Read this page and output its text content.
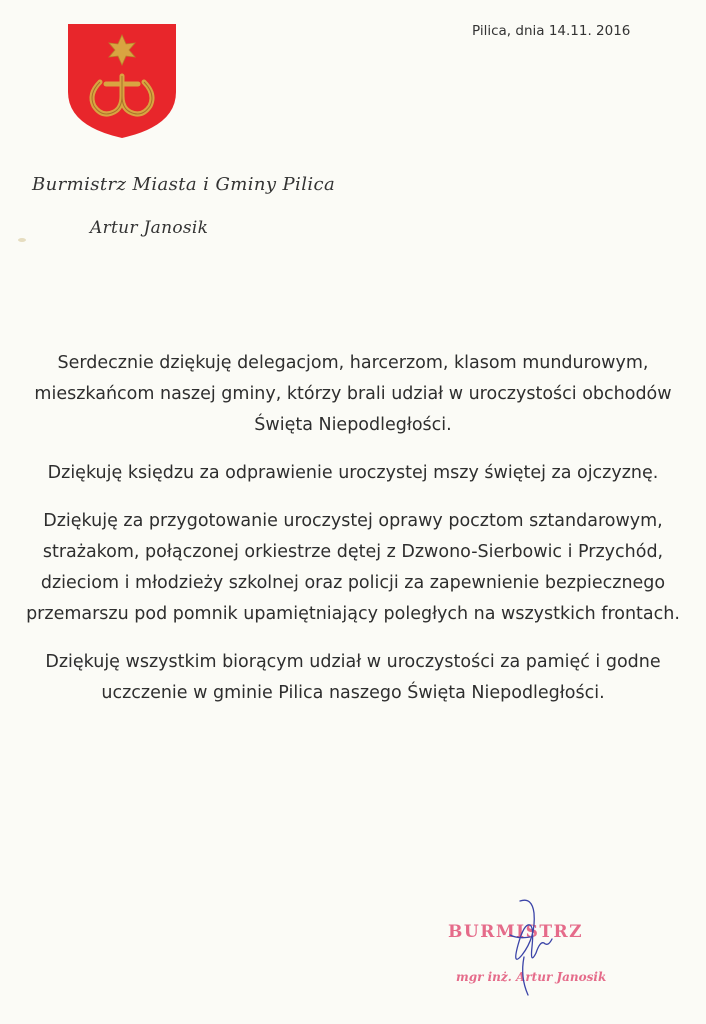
Pilica, dnia 14.11. 2016
Burmistrz Miasta i Gminy Pilica
Artur Janosik

Serdecznie dziękuję delegacjom, harcerzom, klasom mundurowym, mieszkańcom naszej gminy, którzy brali udział w uroczystości obchodów Święta Niepodległości.

Dziękuję księdzu za odprawienie uroczystej mszy świętej za ojczyznę.

Dziękuję za przygotowanie uroczystej oprawy pocztom sztandarowym, strażakom, połączonej orkiestrze dętej z Dzwono-Sierbowic i Przychód, dzieciom i młodzieży szkolnej oraz policji za zapewnienie bezpiecznego przemarszu pod pomnik upamiętniający poległych na wszystkich frontach.

Dziękuję wszystkim biorącym udział w uroczystości za pamięć i godne uczczenie w gminie Pilica naszego Święta Niepodległości.

BURMISTRZ
mgr inż. Artur Janosik
